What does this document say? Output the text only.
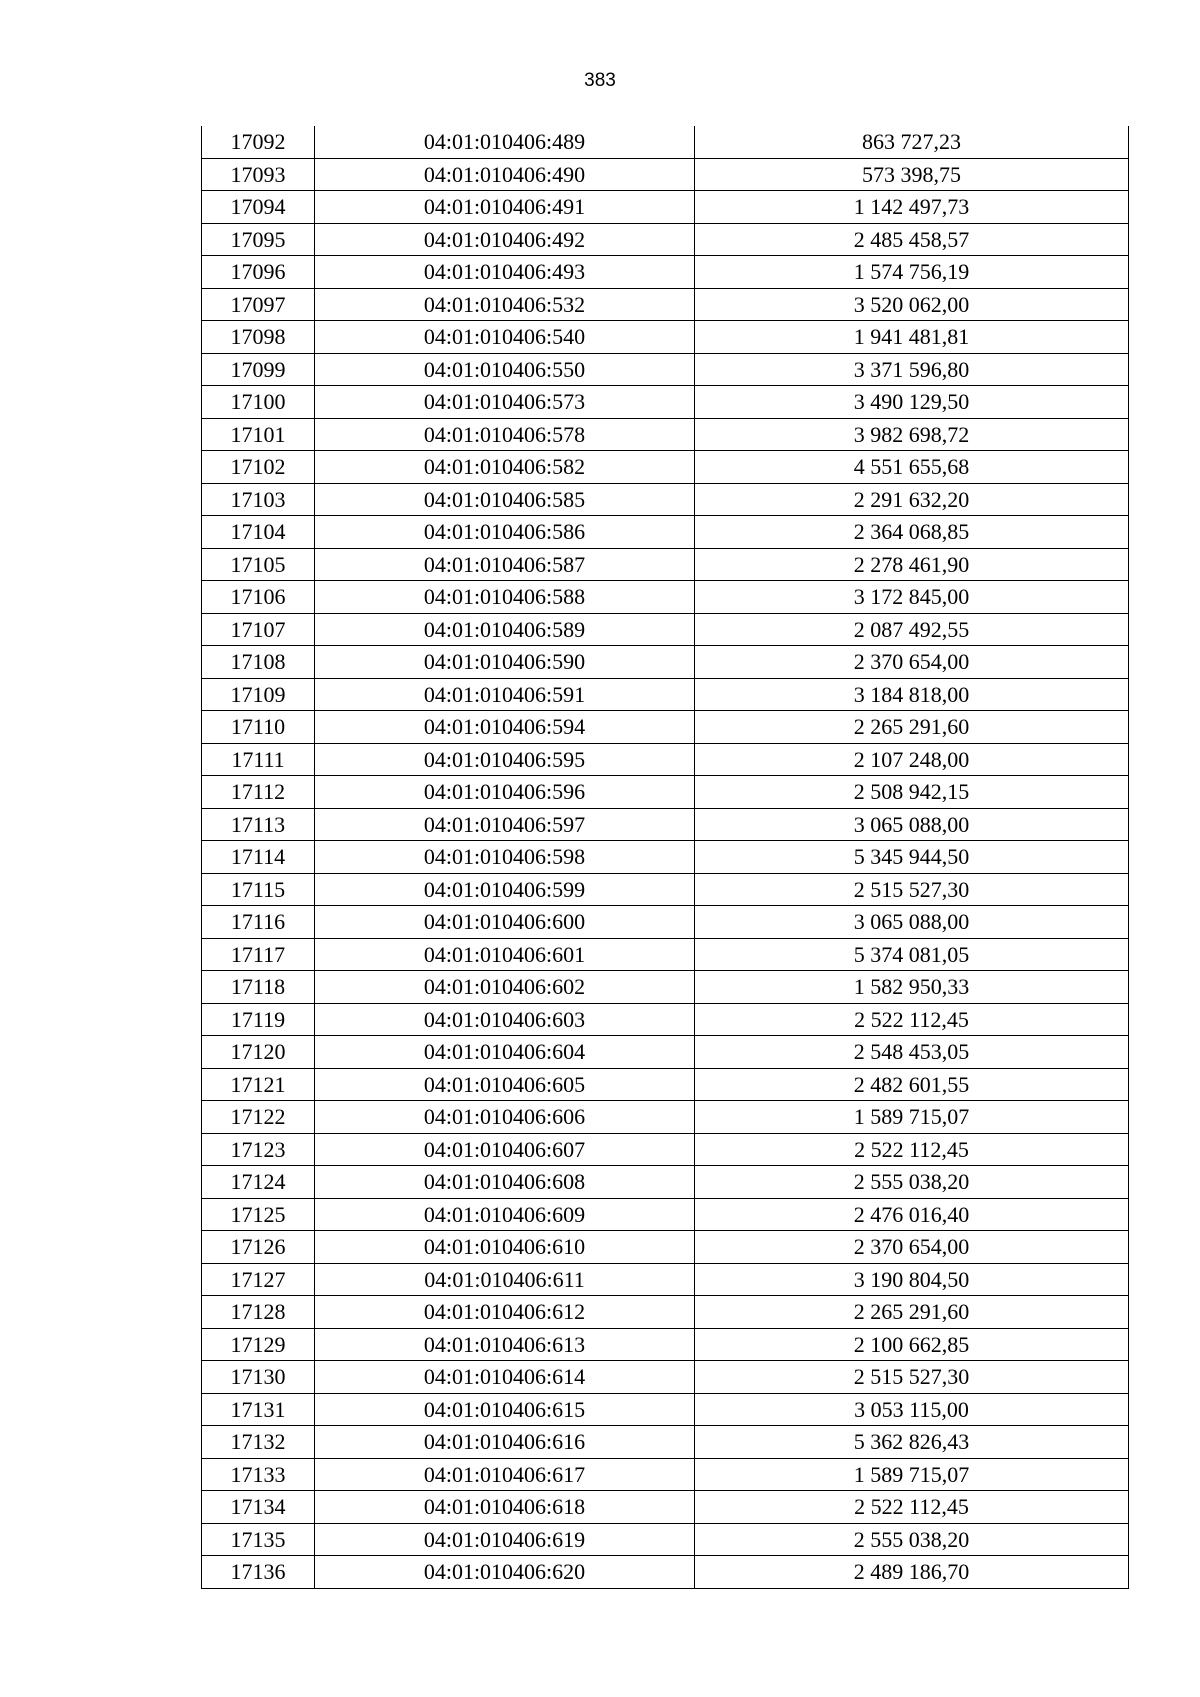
383
17092	04:01:010406:489	863 727,23
17093	04:01:010406:490	573 398,75
17094	04:01:010406:491	1 142 497,73
17095	04:01:010406:492	2 485 458,57
17096	04:01:010406:493	1 574 756,19
17097	04:01:010406:532	3 520 062,00
17098	04:01:010406:540	1 941 481,81
17099	04:01:010406:550	3 371 596,80
17100	04:01:010406:573	3 490 129,50
17101	04:01:010406:578	3 982 698,72
17102	04:01:010406:582	4 551 655,68
17103	04:01:010406:585	2 291 632,20
17104	04:01:010406:586	2 364 068,85
17105	04:01:010406:587	2 278 461,90
17106	04:01:010406:588	3 172 845,00
17107	04:01:010406:589	2 087 492,55
17108	04:01:010406:590	2 370 654,00
17109	04:01:010406:591	3 184 818,00
17110	04:01:010406:594	2 265 291,60
17111	04:01:010406:595	2 107 248,00
17112	04:01:010406:596	2 508 942,15
17113	04:01:010406:597	3 065 088,00
17114	04:01:010406:598	5 345 944,50
17115	04:01:010406:599	2 515 527,30
17116	04:01:010406:600	3 065 088,00
17117	04:01:010406:601	5 374 081,05
17118	04:01:010406:602	1 582 950,33
17119	04:01:010406:603	2 522 112,45
17120	04:01:010406:604	2 548 453,05
17121	04:01:010406:605	2 482 601,55
17122	04:01:010406:606	1 589 715,07
17123	04:01:010406:607	2 522 112,45
17124	04:01:010406:608	2 555 038,20
17125	04:01:010406:609	2 476 016,40
17126	04:01:010406:610	2 370 654,00
17127	04:01:010406:611	3 190 804,50
17128	04:01:010406:612	2 265 291,60
17129	04:01:010406:613	2 100 662,85
17130	04:01:010406:614	2 515 527,30
17131	04:01:010406:615	3 053 115,00
17132	04:01:010406:616	5 362 826,43
17133	04:01:010406:617	1 589 715,07
17134	04:01:010406:618	2 522 112,45
17135	04:01:010406:619	2 555 038,20
17136	04:01:010406:620	2 489 186,70
